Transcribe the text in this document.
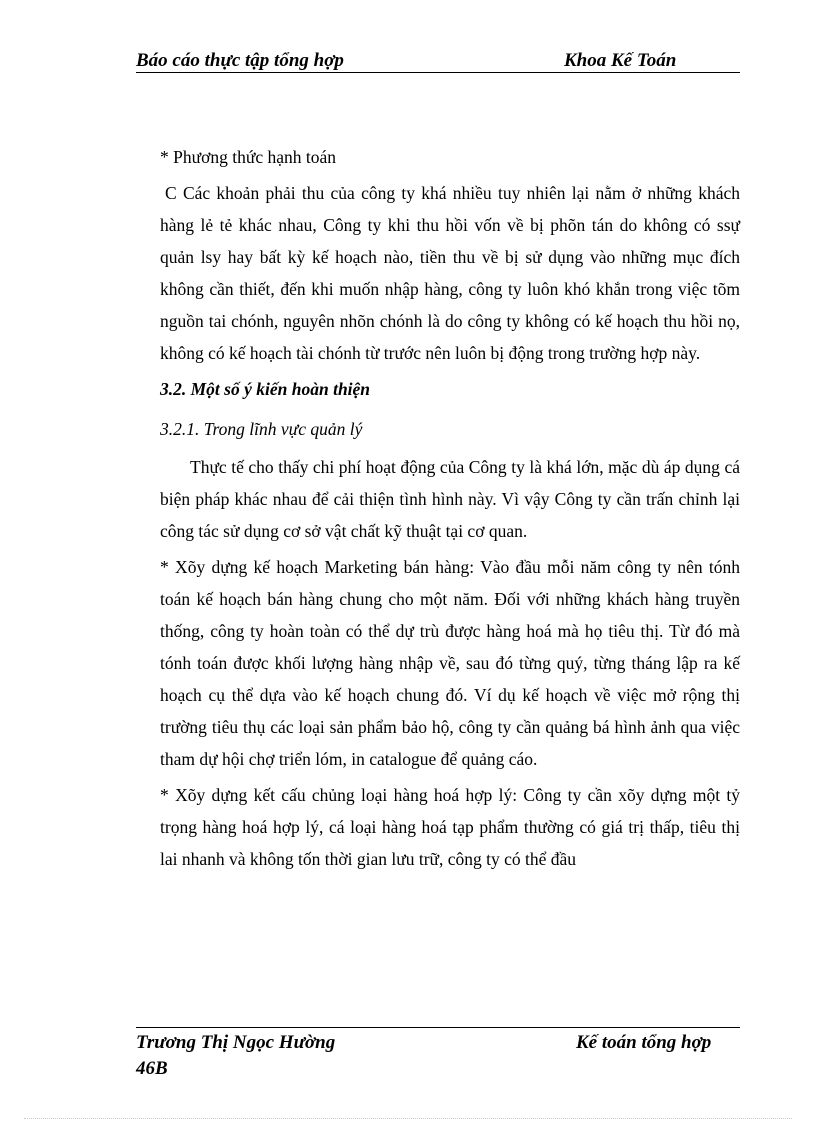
Báo cáo thực tập tổng hợp	Khoa Kế Toán

* Phương thức hạnh toán

C Các khoản phải thu của công ty khá nhiều tuy nhiên lại nằm ở những khách hàng lẻ tẻ khác nhau, Công ty khi thu hồi vốn về bị phõn tán do không có ssự quản lsy hay bất kỳ kế hoạch nào, tiền thu về bị sử dụng vào những mục đích không cần thiết, đến khi muốn nhập hàng, công ty luôn khó khắn trong việc tõm nguồn tai chónh, nguyên nhõn chónh là do công ty không có kế hoạch thu hồi nọ, không có kế hoạch tài chónh từ trước nên luôn bị động trong trường hợp này.

3.2. Một số ý kiến hoàn thiện
3.2.1. Trong lĩnh vực quản lý

Thực tế cho thấy chi phí hoạt động của Công ty là khá lớn, mặc dù áp dụng cá biện pháp khác nhau để cải thiện tình hình này. Vì vậy Công ty cần trấn chỉnh lại công tác sử dụng cơ sở vật chất kỹ thuật tại cơ quan.

* Xõy dựng kế hoạch Marketing bán hàng: Vào đầu mỗi năm công ty nên tónh toán kế hoạch bán hàng chung cho một năm. Đối với những khách hàng truyền thống, công ty hoàn toàn có thể dự trù được hàng hoá mà họ tiêu thị. Từ đó mà tónh toán được khối lượng hàng nhập về, sau đó từng quý, từng tháng lập ra kế hoạch cụ thể dựa vào kế hoạch chung đó. Ví dụ kế hoạch về việc mở rộng thị trường tiêu thụ các loại sản phẩm bảo hộ, công ty cần quảng bá hình ảnh qua việc tham dự hội chợ triển lóm, in catalogue để quảng cáo.

* Xõy dựng kết cấu chủng loại hàng hoá hợp lý: Công ty cần xõy dựng một tỷ trọng hàng hoá hợp lý, cá loại hàng hoá tạp phẩm thường có giá trị thấp, tiêu thị lai nhanh và không tốn thời gian lưu trữ, công ty có thể đầu

Trương Thị Ngọc Hường
46B
Kế toán tổng hợp
